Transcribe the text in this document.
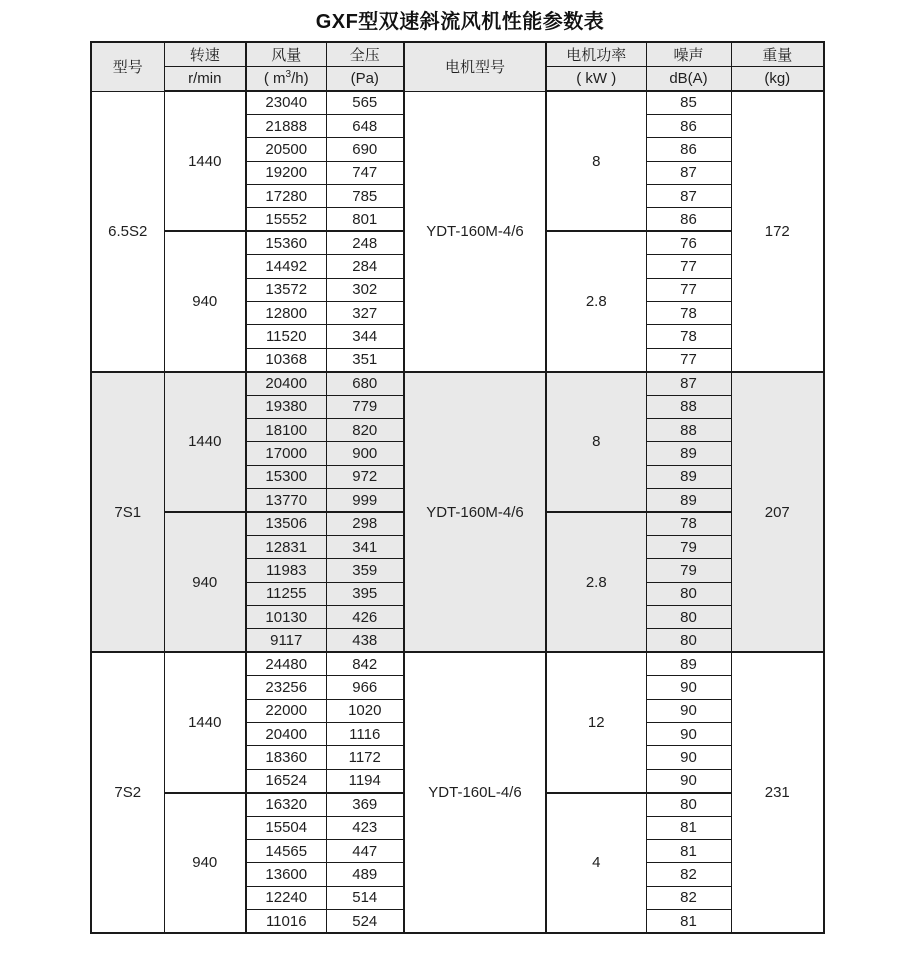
GXF型双速斜流风机性能参数表
型号	转速	风量	全压	电机型号	电机功率	噪声	重量
	r/min	( $m^3/h$)	(Pa)		( kW )	dB(A)	(kg)
6.5S2	1440	23040	565	YDT-160M-4/6	8	85	172
		21888	648			86	
		20500	690			86	
		19200	747			87	
		17280	785			87	
		15552	801			86	
	940	15360	248		2.8	76	
		14492	284			77	
		13572	302			77	
		12800	327			78	
		11520	344			78	
		10368	351			77	
7S1	1440	20400	680	YDT-160M-4/6	8	87	207
		19380	779			88	
		18100	820			88	
		17000	900			89	
		15300	972			89	
		13770	999			89	
	940	13506	298		2.8	78	
		12831	341			79	
		11983	359			79	
		11255	395			80	
		10130	426			80	
		9117	438			80	
7S2	1440	24480	842	YDT-160L-4/6	12	89	231
		23256	966			90	
		22000	1020			90	
		20400	1116			90	
		18360	1172			90	
		16524	1194			90	
	940	16320	369		4	80	
		15504	423			81	
		14565	447			81	
		13600	489			82	
		12240	514			82	
		11016	524			81	
